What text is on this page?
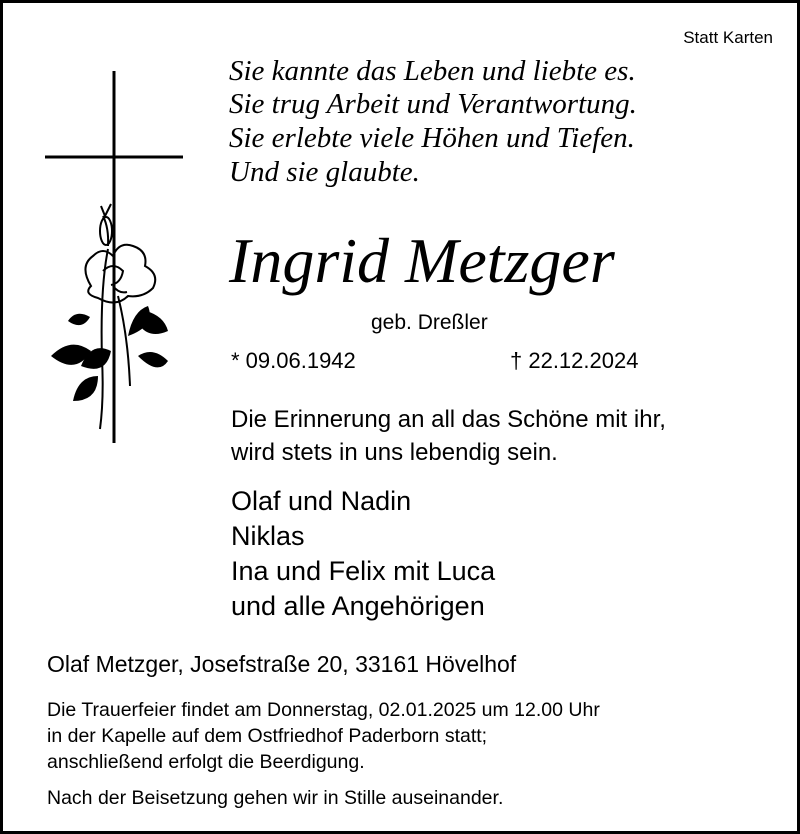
Statt Karten
Sie kannte das Leben und liebte es.
Sie trug Arbeit und Verantwortung.
Sie erlebte viele Höhen und Tiefen.
Und sie glaubte.
Ingrid Metzger
geb. Dreßler
* 09.06.1942	† 22.12.2024
Die Erinnerung an all das Schöne mit ihr,
wird stets in uns lebendig sein.
Olaf und Nadin
Niklas
Ina und Felix mit Luca
und alle Angehörigen
Olaf Metzger, Josefstraße 20, 33161 Hövelhof
Die Trauerfeier findet am Donnerstag, 02.01.2025 um 12.00 Uhr
in der Kapelle auf dem Ostfriedhof Paderborn statt;
anschließend erfolgt die Beerdigung.
Nach der Beisetzung gehen wir in Stille auseinander.
